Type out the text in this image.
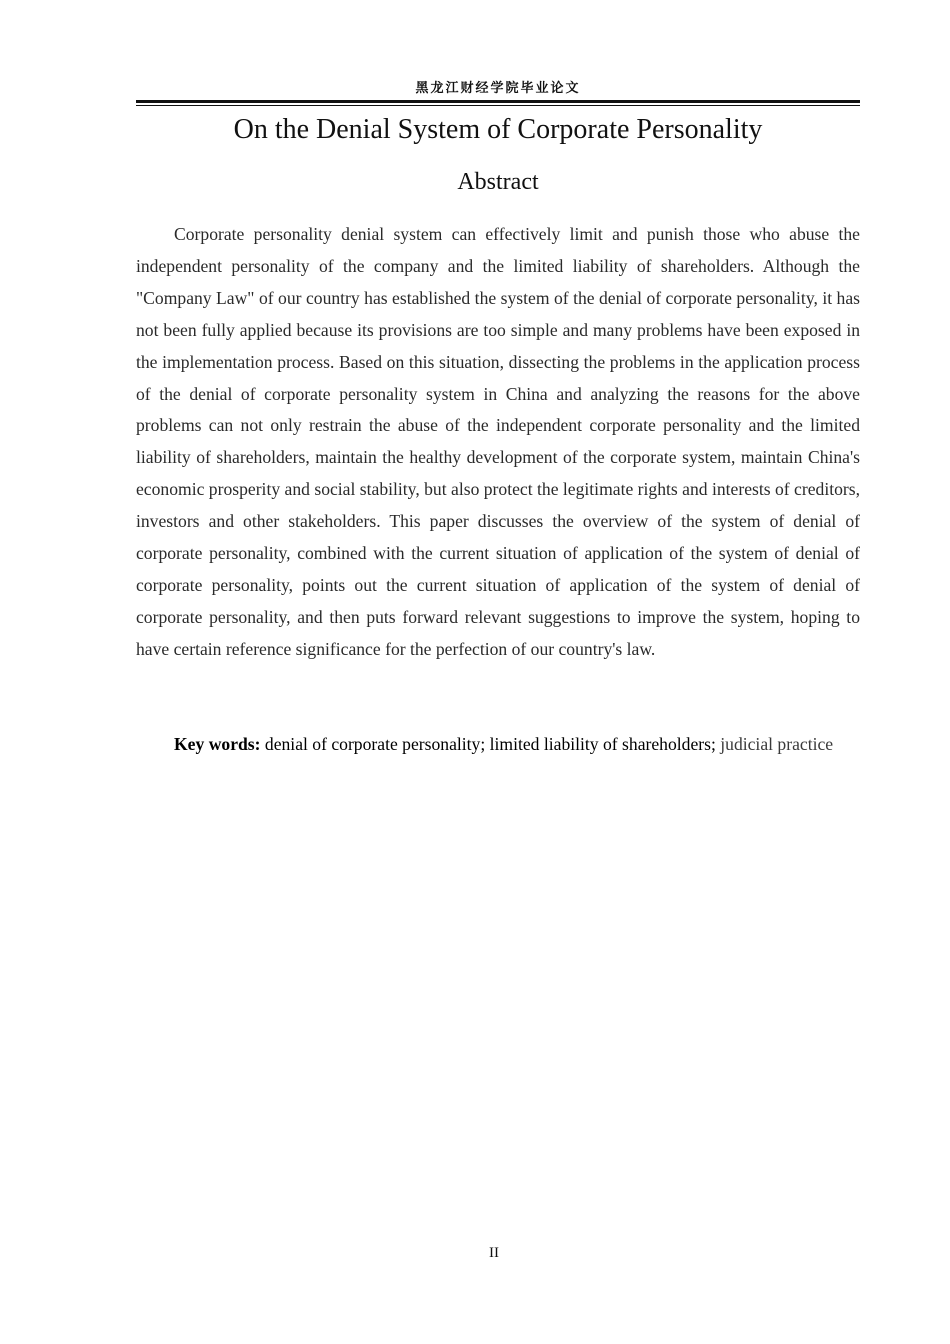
黑龙江财经学院毕业论文
On the Denial System of Corporate Personality
Abstract

Corporate personality denial system can effectively limit and punish those who abuse the independent personality of the company and the limited liability of shareholders. Although the "Company Law" of our country has established the system of the denial of corporate personality, it has not been fully applied because its provisions are too simple and many problems have been exposed in the implementation process. Based on this situation, dissecting the problems in the application process of the denial of corporate personality system in China and analyzing the reasons for the above problems can not only restrain the abuse of the independent corporate personality and the limited liability of shareholders, maintain the healthy development of the corporate system, maintain China's economic prosperity and social stability, but also protect the legitimate rights and interests of creditors, investors and other stakeholders. This paper discusses the overview of the system of denial of corporate personality, combined with the current situation of application of the system of denial of corporate personality, points out the current situation of application of the system of denial of corporate personality, and then puts forward relevant suggestions to improve the system, hoping to have certain reference significance for the perfection of our country's law.

Key words: denial of corporate personality; limited liability of shareholders; judicial practice

II
